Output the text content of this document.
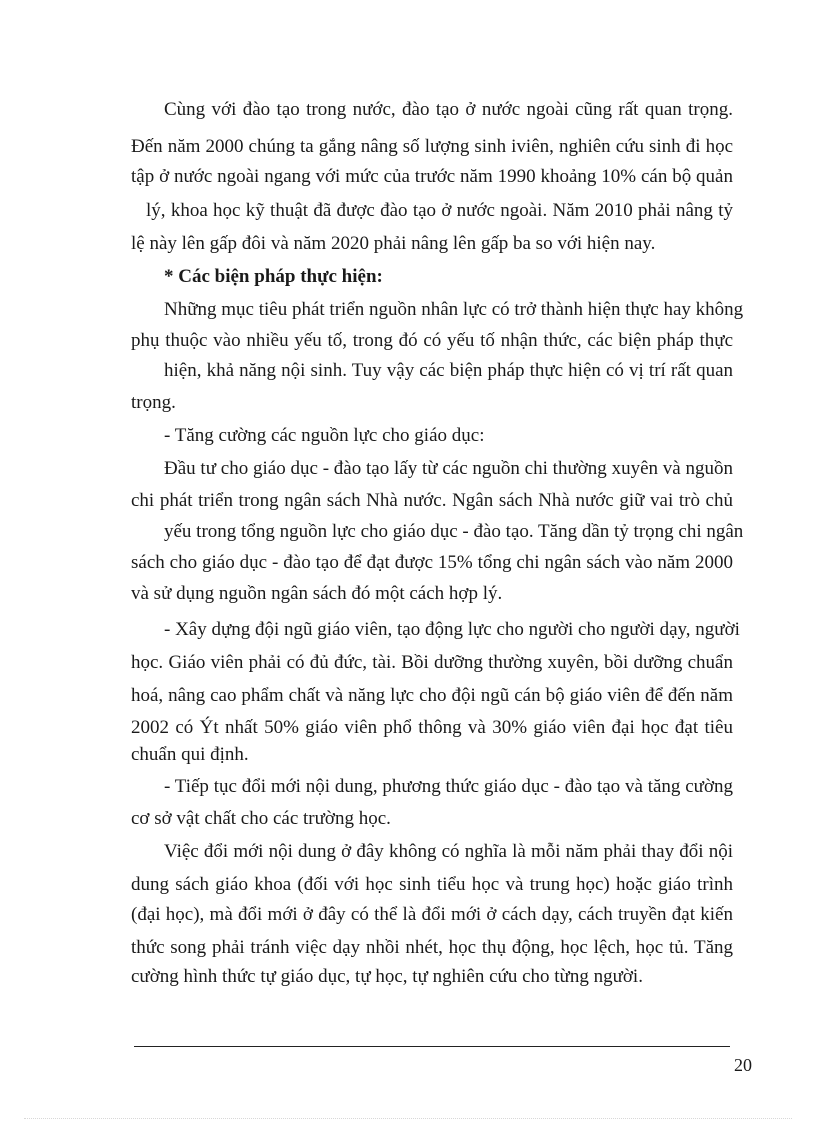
Cùng với đào tạo trong nước, đào tạo ở nước ngoài cũng rất quan trọng.
Đến năm 2000 chúng ta gắng nâng số lượng sinh iviên, nghiên cứu sinh đi học
tập ở nước ngoài ngang với mức của trước năm 1990 khoảng 10% cán bộ quản
lý, khoa học kỹ thuật đã được đào tạo ở nước ngoài. Năm 2010 phải nâng tỷ
lệ này lên gấp đôi và năm 2020 phải nâng lên gấp ba so với hiện nay.
* Các biện pháp thực hiện:
Những mục tiêu phát triển nguồn nhân lực có trở thành hiện thực hay không
phụ thuộc vào nhiều yếu tố, trong đó có yếu tố nhận thức, các biện pháp thực
hiện, khả năng nội sinh. Tuy vậy các biện pháp thực hiện có vị trí rất quan
trọng.
- Tăng cường các nguồn lực cho giáo dục:
Đầu tư cho giáo dục - đào tạo lấy từ các nguồn chi thường xuyên và nguồn
chi phát triển trong ngân sách Nhà nước. Ngân sách Nhà nước giữ vai trò chủ
yếu trong tổng nguồn lực cho giáo dục - đào tạo. Tăng dần tỷ trọng chi ngân
sách cho giáo dục - đào tạo để đạt được 15% tổng chi ngân sách vào năm 2000
và sử dụng nguồn ngân sách đó một cách hợp lý.
- Xây dựng đội ngũ giáo viên, tạo động lực cho người cho người dạy, người
học. Giáo viên phải có đủ đức, tài. Bồi dưỡng thường xuyên, bồi dưỡng chuẩn
hoá, nâng cao phẩm chất và năng lực cho đội ngũ cán bộ giáo viên để đến năm
2002 có Ýt nhất 50% giáo viên phổ thông và 30% giáo viên đại học đạt tiêu
chuẩn qui định.
- Tiếp tục đổi mới nội dung, phương thức giáo dục - đào tạo và tăng cường
cơ sở vật chất cho các trường học.
Việc đổi mới nội dung ở đây không có nghĩa là mỗi năm phải thay đổi nội
dung sách giáo khoa (đối với học sinh tiểu học và trung học) hoặc giáo trình
(đại học), mà đổi mới ở đây có thể là đổi mới ở cách dạy, cách truyền đạt kiến
thức song phải tránh việc dạy nhồi nhét, học thụ động, học lệch, học tủ. Tăng
cường hình thức tự giáo dục, tự học, tự nghiên cứu cho từng người.
20
